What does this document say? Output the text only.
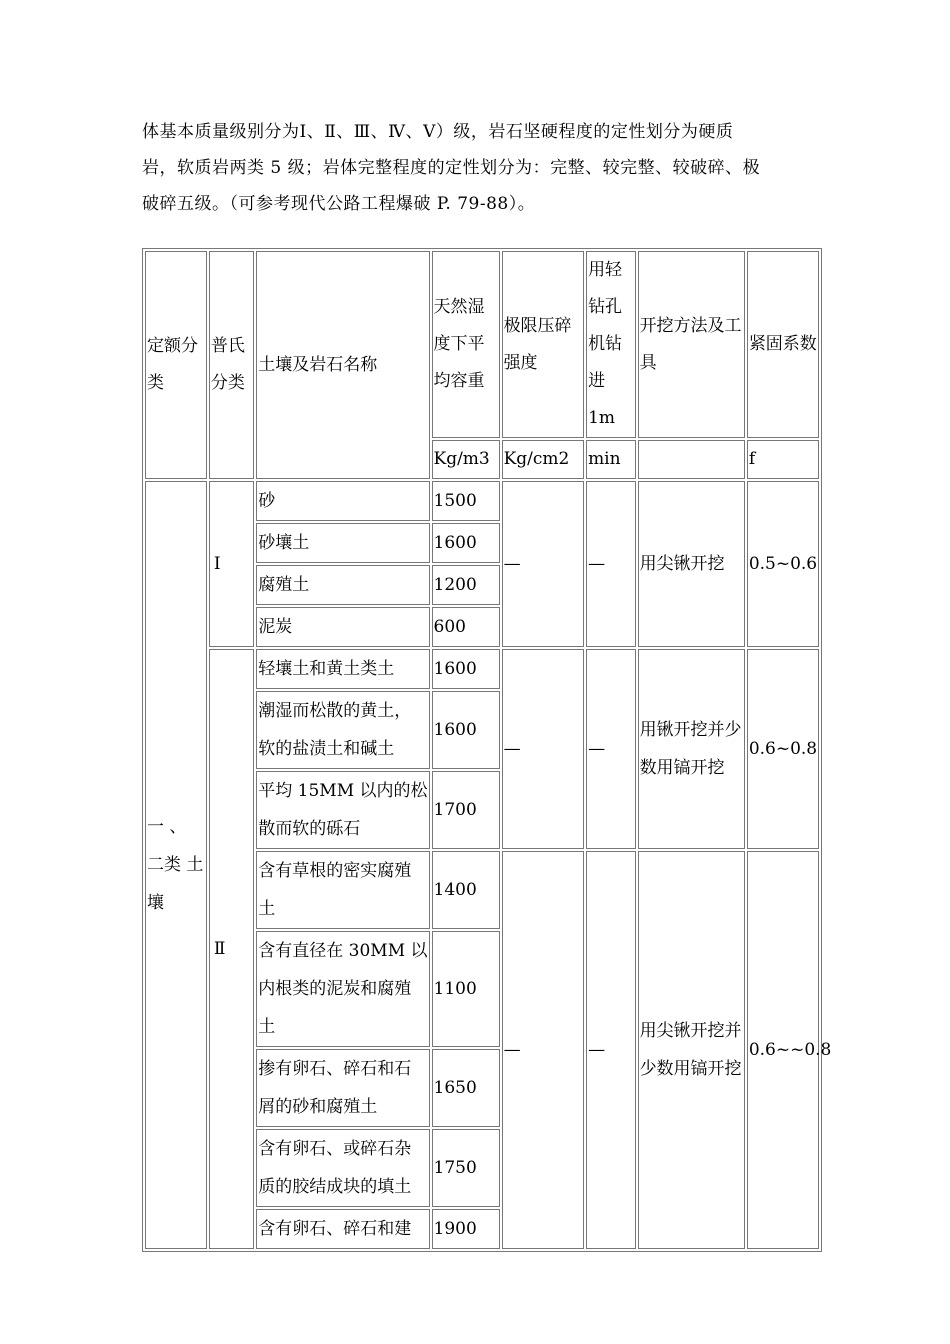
体基本质量级别分为Ⅰ、Ⅱ、Ⅲ、Ⅳ、Ⅴ）级，岩石坚硬程度的定性划分为硬质

岩，软质岩两类 5 级；岩体完整程度的定性划分为：完整、较完整、较破碎、极

破碎五级。（可参考现代公路工程爆破 P. 79-88）。

定额分类	普氏分类	土壤及岩石名称	天然湿度下平均容重	极限压碎强度	用轻钻孔机钻进 1m	开挖方法及工具	紧固系数
			Kg/m3	Kg/cm2	min		f
一 、 二类 土 壤	Ⅰ	砂	1500	—	—	用尖锹开挖	0.5~0.6
		砂壤土	1600				
		腐殖土	1200				
		泥炭	600				
	Ⅱ	轻壤土和黄土类土	1600	—	—	用锹开挖并少数用镐开挖	0.6~0.8
		潮湿而松散的黄土，软的盐渍土和碱土	1600				
		平均 15MM 以内的松散而软的砾石	1700				
		含有草根的密实腐殖土	1400	—	—	用尖锹开挖并少数用镐开挖	0.6~~0.8
		含有直径在 30MM 以内根类的泥炭和腐殖土	1100				
		掺有卵石、碎石和石屑的砂和腐殖土	1650				
		含有卵石、或碎石杂质的胶结成块的填土	1750				
		含有卵石、碎石和建	1900				
